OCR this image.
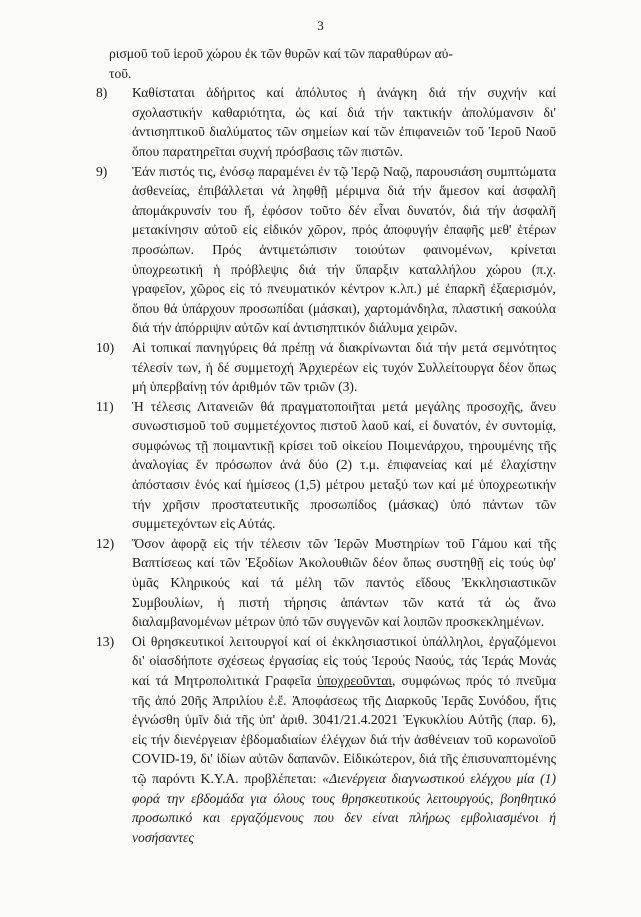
3
ρισμοῦ τοῦ ἱεροῦ χώρου ἐκ τῶν θυρῶν καί τῶν παραθύρων αὐ-
τοῦ.
8)	Καθίσταται ἀδήριτος καί ἀπόλυτος ἡ ἀνάγκη διά τήν συχνήν καί σχολαστικήν καθαριότητα, ὡς καί διά τήν τακτικήν ἀπολύμανσιν δι' ἀντισηπτικοῦ διαλύματος τῶν σημείων καί τῶν ἐπιφανειῶν τοῦ Ἱεροῦ Ναοῦ ὅπου παρατηρεῖται συχνή πρόσβασις τῶν πιστῶν.
9)	Ἐάν πιστός τις, ἐνόσῳ παραμένει ἐν τῷ Ἱερῷ Ναῷ, παρουσιάση συμπτώματα ἀσθενείας, ἐπιβάλλεται νά ληφθῇ μέριμνα διά τήν ἄμεσον καί ἀσφαλῆ ἀπομάκρυνσίν του ἤ, ἐφόσον τοῦτο δέν εἶναι δυνατόν, διά τήν ἀσφαλῆ μετακίνησιν αὐτοῦ εἰς εἰδικόν χῶρον, πρός ἀποφυγήν ἐπαφῆς μεθ' ἑτέρων προσώπων. Πρός ἀντιμετώπισιν τοιούτων φαινομένων, κρίνεται ὑποχρεωτική ἡ πρόβλεψις διά τήν ὕπαρξιν καταλλήλου χώρου (π.χ. γραφεῖον, χῶρος εἰς τό πνευματικόν κέντρον κ.λπ.) μέ ἐπαρκῆ ἐξαερισμόν, ὅπου θά ὑπάρχουν προσωπίδαι (μάσκαι), χαρτομάνδηλα, πλαστική σακούλα διά τήν ἀπόρριψιν αὐτῶν καί ἀντισηπτικόν διάλυμα χειρῶν.
10)	Αἱ τοπικαί πανηγύρεις θά πρέπῃ νά διακρίνωνται διά τήν μετά σεμνότητος τέλεσίν των, ἡ δέ συμμετοχή Ἀρχιερέων εἰς τυχόν Συλλείτουργα δέον ὅπως μή ὑπερβαίνῃ τόν ἀριθμόν τῶν τριῶν (3).
11)	Ἡ τέλεσις Λιτανειῶν θά πραγματοποιῆται μετά μεγάλης προσοχῆς, ἄνευ συνωστισμοῦ τοῦ συμμετέχοντος πιστοῦ λαοῦ καί, εἰ δυνατόν, ἐν συντομίᾳ, συμφώνως τῇ ποιμαντικῇ κρίσει τοῦ οἰκείου Ποιμενάρχου, τηρουμένης τῆς ἀναλογίας ἕν πρόσωπον ἀνά δύο (2) τ.μ. ἐπιφανείας καί μέ ἐλαχίστην ἀπόστασιν ἑνός καί ἡμίσεος (1,5) μέτρου μεταξύ των καί μέ ὑποχρεωτικήν τήν χρῆσιν προστατευτικῆς προσωπίδος (μάσκας) ὑπό πάντων τῶν συμμετεχόντων εἰς Αὐτάς.
12)	Ὅσον ἀφορᾷ εἰς τήν τέλεσιν τῶν Ἱερῶν Μυστηρίων τοῦ Γάμου καί τῆς Βαπτίσεως καί τῶν Ἐξοδίων Ἀκολουθιῶν δέον ὅπως συστηθῇ εἰς τούς ὑφ' ὑμᾶς Κληρικούς καί τά μέλη τῶν παντός εἴδους Ἐκκλησιαστικῶν Συμβουλίων, ἡ πιστή τήρησις ἁπάντων τῶν κατά τά ὡς ἄνω διαλαμβανομένων μέτρων ὑπό τῶν συγγενῶν καί λοιπῶν προσκεκλημένων.
13)	Οἱ θρησκευτικοί λειτουργοί καί οἱ ἐκκλησιαστικοί ὑπάλληλοι, ἐργαζόμενοι δι' οἱασδήποτε σχέσεως ἐργασίας εἰς τούς Ἱερούς Ναούς, τάς Ἱεράς Μονάς καί τά Μητροπολιτικά Γραφεῖα ὑποχρεοῦνται, συμφώνως πρός τό πνεῦμα τῆς ἀπό 20ῆς Ἀπριλίου ἐ.ἔ. Ἀποφάσεως τῆς Διαρκοῦς Ἱερᾶς Συνόδου, ἥτις ἐγνώσθη ὑμῖν διά τῆς ὑπ' ἀριθ. 3041/21.4.2021 Ἐγκυκλίου Αὐτῆς (παρ. 6), εἰς τήν διενέργειαν ἑβδομαδιαίων ἐλέγχων διά τήν ἀσθένειαν τοῦ κορωνοϊοῦ COVID-19, δι' ἰδίων αὐτῶν δαπανῶν. Εἰδικώτερον, διά τῆς ἐπισυναπτομένης τῷ παρόντι Κ.Υ.Α. προβλέπεται: «Διενέργεια διαγνωστικού ελέγχου μία (1) φορά την εβδομάδα για όλους τους θρησκευτικούς λειτουργούς, βοηθητικό προσωπικό και εργαζόμενους που δεν είναι πλήρως εμβολιασμένοι ή νοσήσαντες
